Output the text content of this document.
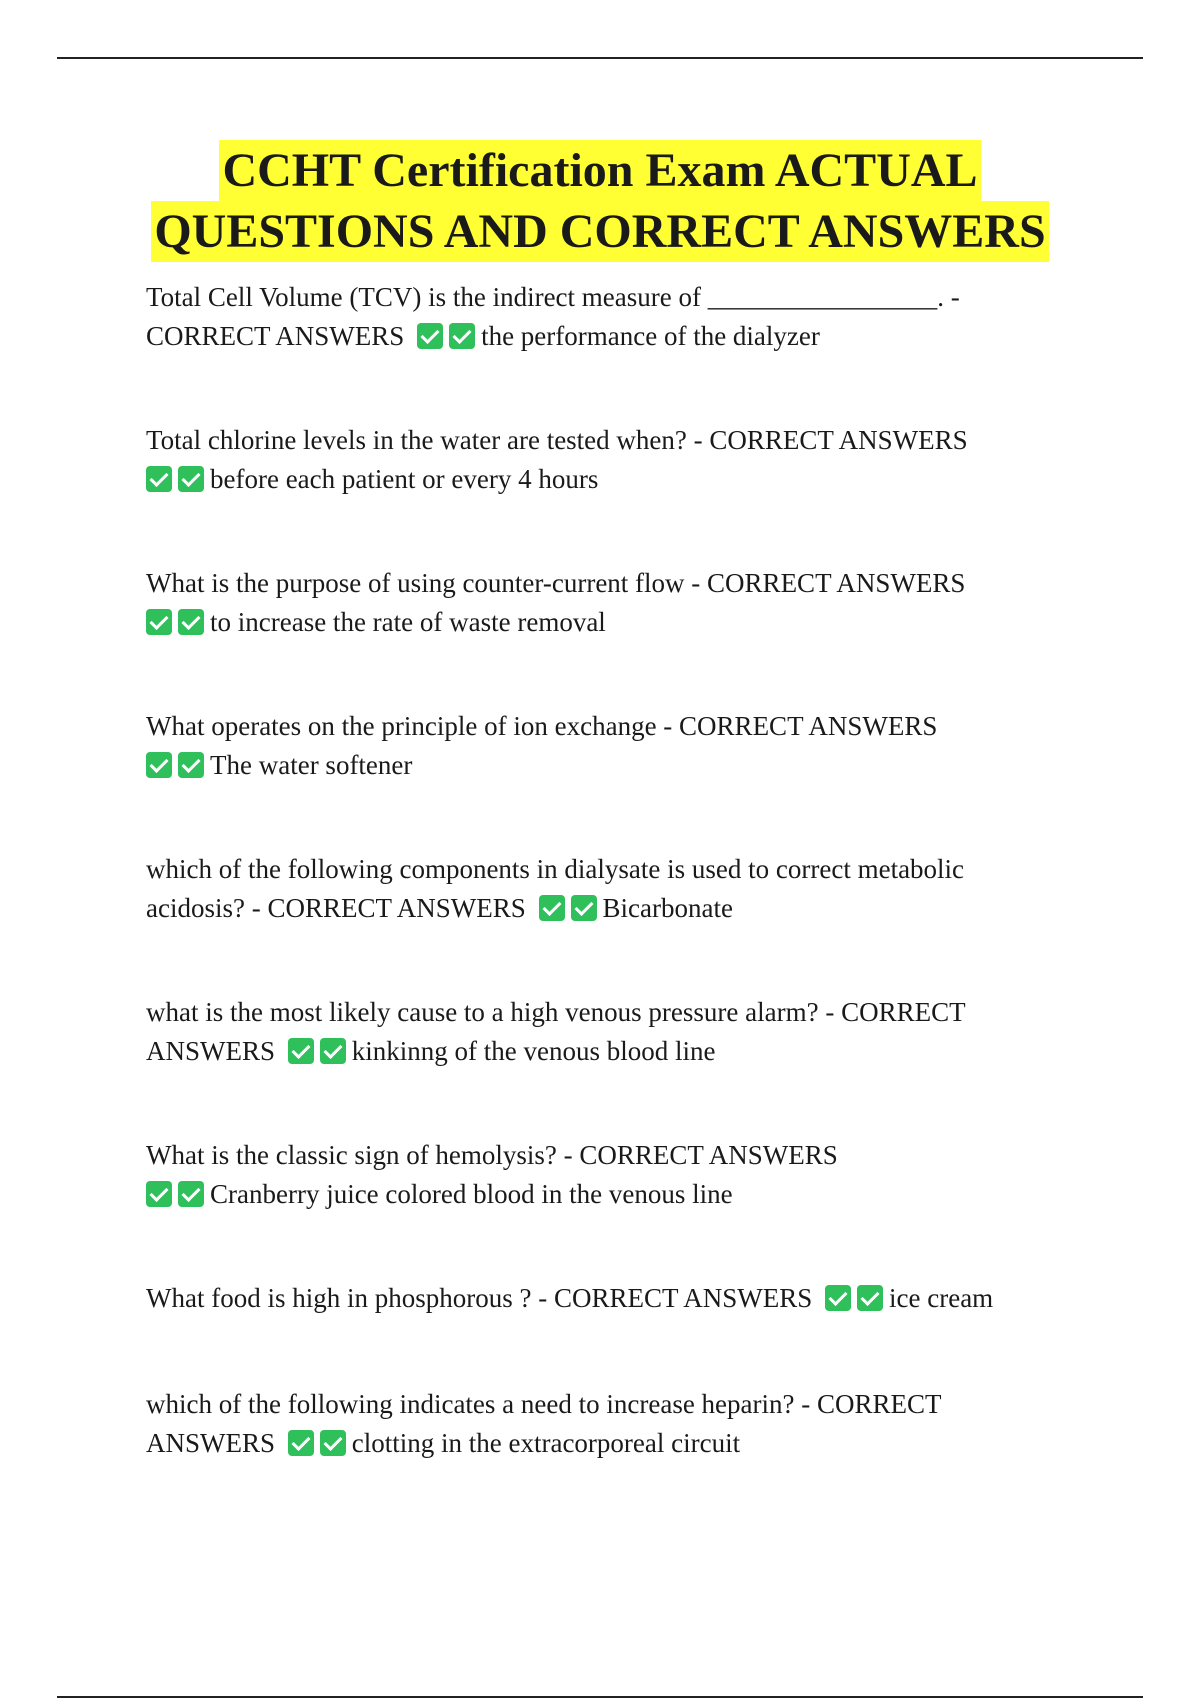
CCHT Certification Exam ACTUAL
QUESTIONS AND CORRECT ANSWERS
Total Cell Volume (TCV) is the indirect measure of _________________. -
CORRECT ANSWERS	the performance of the dialyzer
Total chlorine levels in the water are tested when? - CORRECT ANSWERS
before each patient or every 4 hours
What is the purpose of using counter-current flow - CORRECT ANSWERS
to increase the rate of waste removal
What operates on the principle of ion exchange - CORRECT ANSWERS
The water softener
which of the following components in dialysate is used to correct metabolic
acidosis? - CORRECT ANSWERS	Bicarbonate
what is the most likely cause to a high venous pressure alarm? - CORRECT
ANSWERS	kinkinng of the venous blood line
What is the classic sign of hemolysis? - CORRECT ANSWERS
Cranberry juice colored blood in the venous line
What food is high in phosphorous ? - CORRECT ANSWERS	ice cream
which of the following indicates a need to increase heparin? - CORRECT
ANSWERS	clotting in the extracorporeal circuit
